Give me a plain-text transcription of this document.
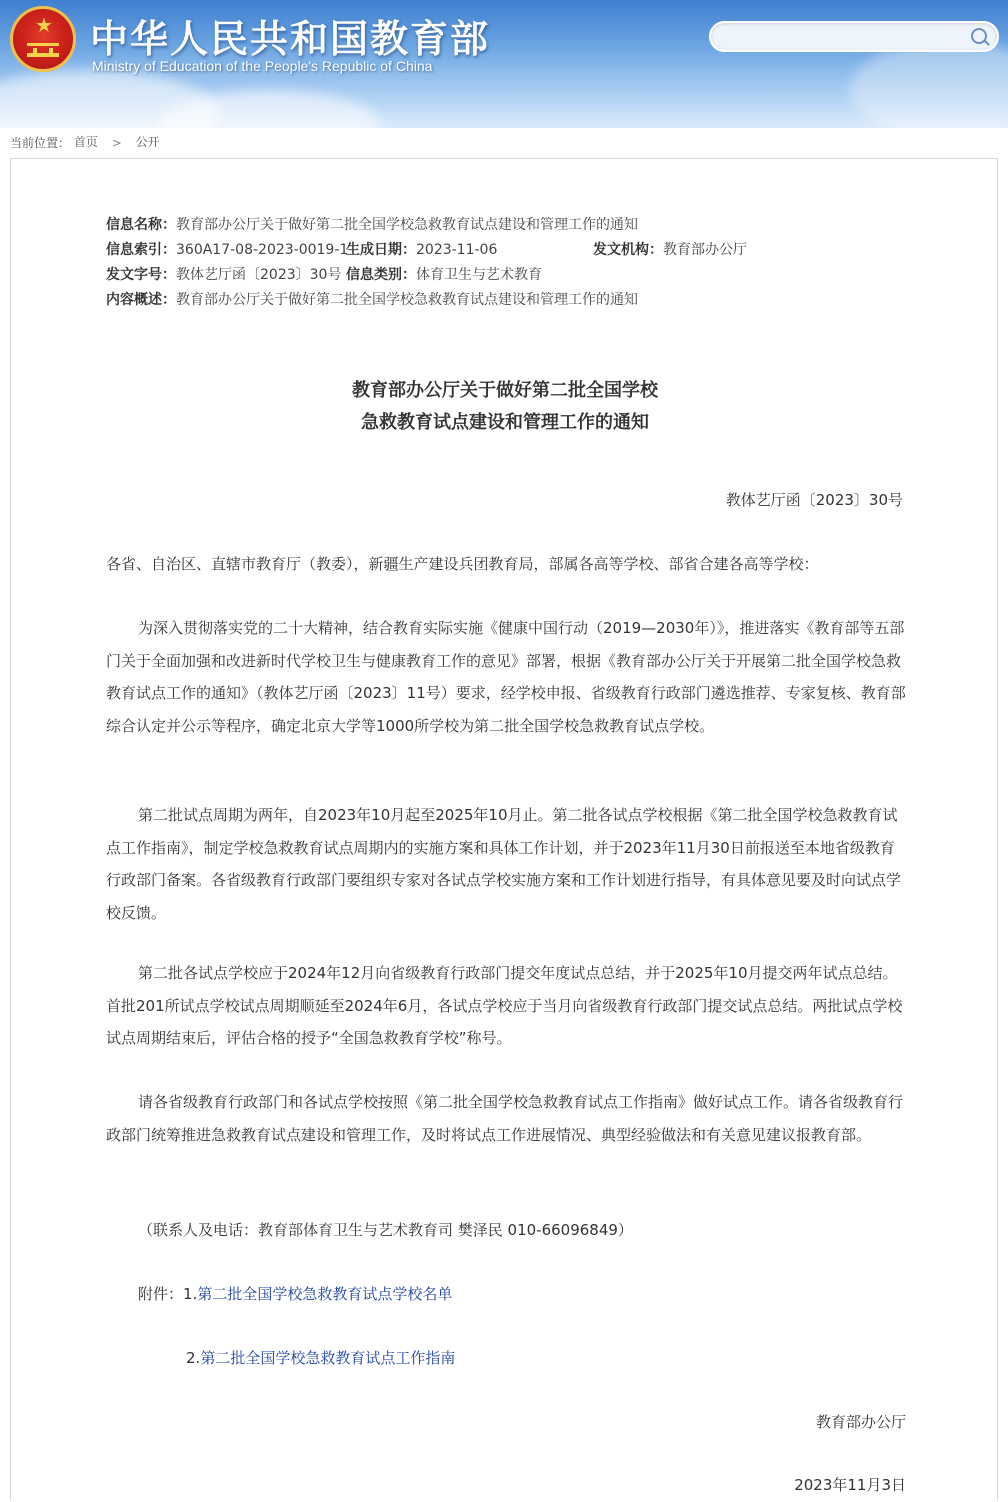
★ 中华人民共和国教育部
Ministry of Education of the People's Republic of China
当前位置： 首页 > 公开
信息名称：教育部办公厅关于做好第二批全国学校急救教育试点建设和管理工作的通知
信息索引：360A17-08-2023-0019-1
生成日期：2023-11-06	发文机构：教育部办公厅
发文字号：教体艺厅函〔2023〕30号 信息类别：体育卫生与艺术教育
内容概述：教育部办公厅关于做好第二批全国学校急救教育试点建设和管理工作的通知
教育部办公厅关于做好第二批全国学校
急救教育试点建设和管理工作的通知
教体艺厅函〔2023〕30号
各省、自治区、直辖市教育厅（教委），新疆生产建设兵团教育局，部属各高等学校、部省合建各高等学校：
为深入贯彻落实党的二十大精神，结合教育实际实施《健康中国行动（2019—2030年）》，推进落实《教育部等五部门关于全面加强和改进新时代学校卫生与健康教育工作的意见》部署，根据《教育部办公厅关于开展第二批全国学校急救教育试点工作的通知》（教体艺厅函〔2023〕11号）要求，经学校申报、省级教育行政部门遴选推荐、专家复核、教育部综合认定并公示等程序，确定北京大学等1000所学校为第二批全国学校急救教育试点学校。
第二批试点周期为两年，自2023年10月起至2025年10月止。第二批各试点学校根据《第二批全国学校急救教育试点工作指南》，制定学校急救教育试点周期内的实施方案和具体工作计划，并于2023年11月30日前报送至本地省级教育行政部门备案。各省级教育行政部门要组织专家对各试点学校实施方案和工作计划进行指导，有具体意见要及时向试点学校反馈。
第二批各试点学校应于2024年12月向省级教育行政部门提交年度试点总结，并于2025年10月提交两年试点总结。首批201所试点学校试点周期顺延至2024年6月，各试点学校应于当月向省级教育行政部门提交试点总结。两批试点学校试点周期结束后，评估合格的授予“全国急救教育学校”称号。
请各省级教育行政部门和各试点学校按照《第二批全国学校急救教育试点工作指南》做好试点工作。请各省级教育行政部门统筹推进急救教育试点建设和管理工作，及时将试点工作进展情况、典型经验做法和有关意见建议报教育部。
（联系人及电话：教育部体育卫生与艺术教育司 樊泽民 010-66096849）
附件：1.第二批全国学校急救教育试点学校名单
2.第二批全国学校急救教育试点工作指南
教育部办公厅
2023年11月3日
